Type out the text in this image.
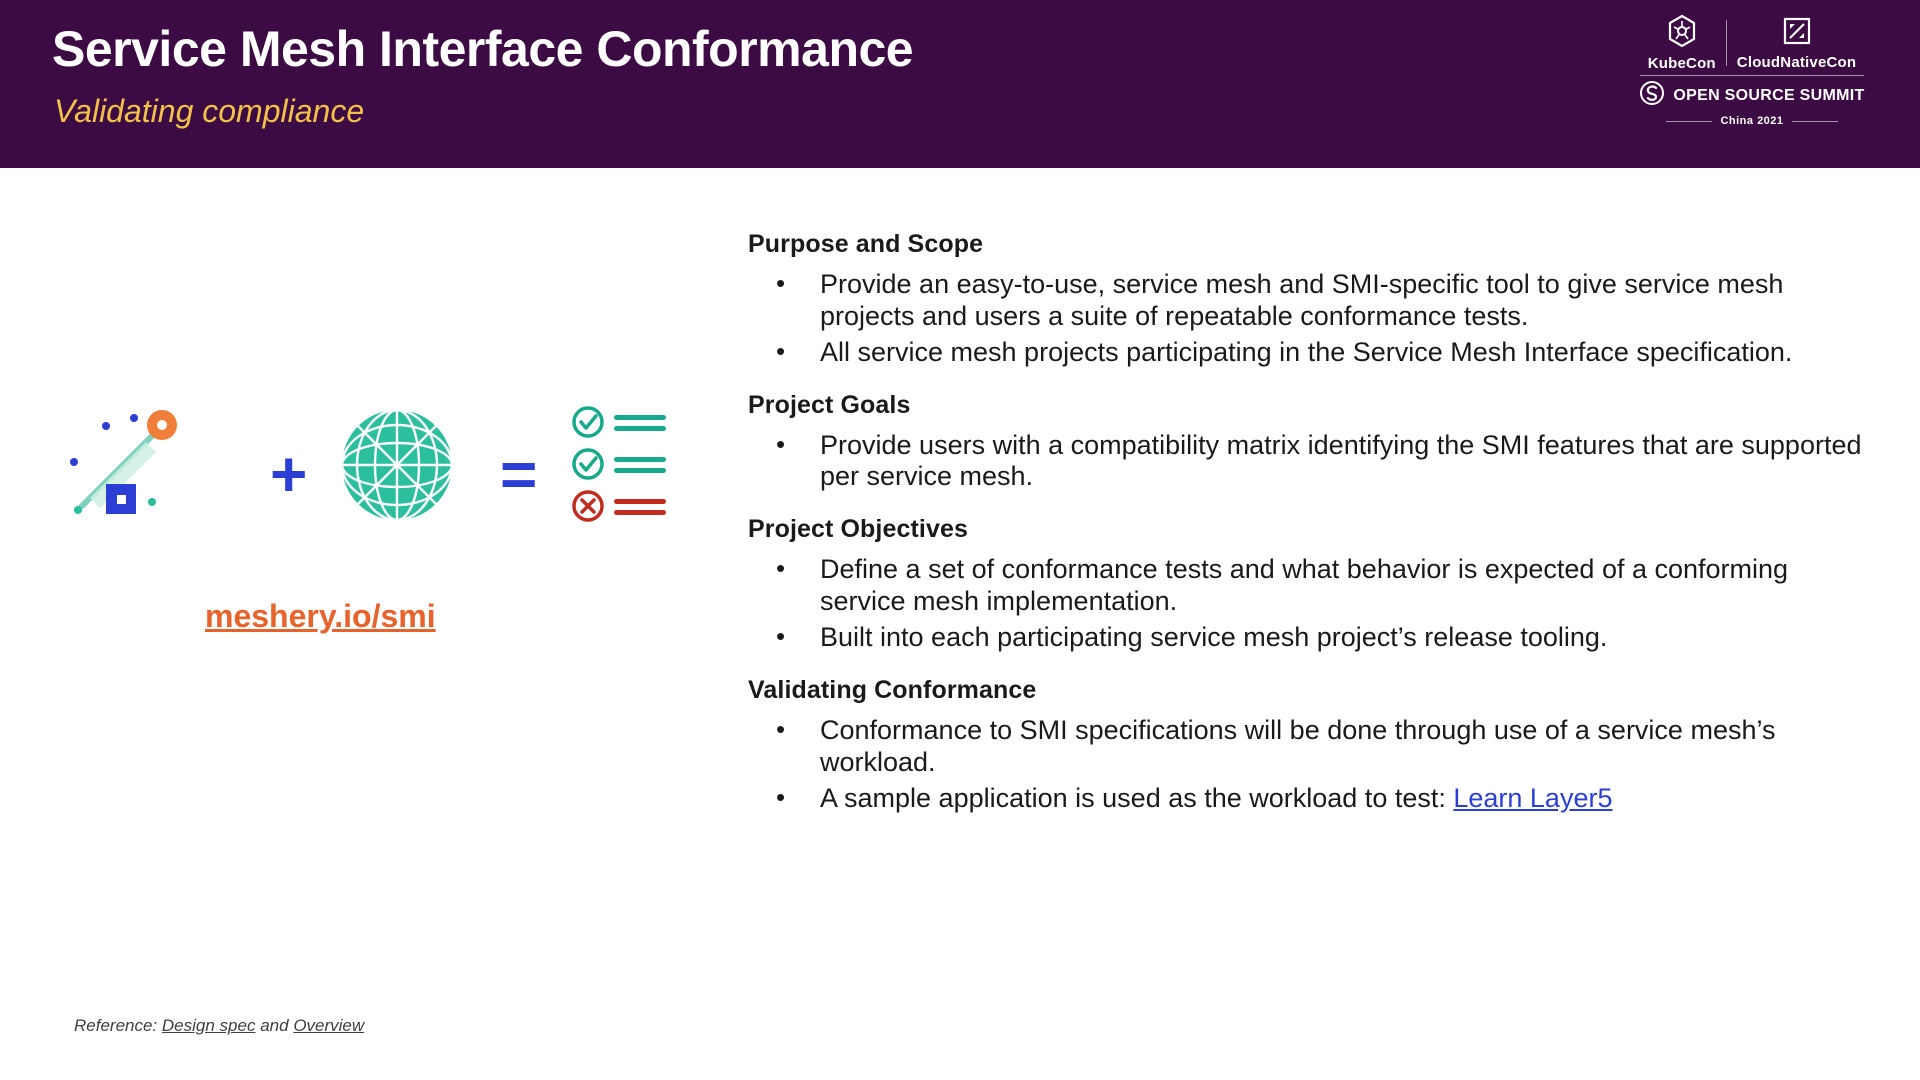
Service Mesh Interface Conformance
Validating compliance
KubeCon CloudNativeCon
OPEN SOURCE SUMMIT
China 2021
+	=
meshery.io/smi
Reference: Design spec and Overview
Purpose and Scope
• Provide an easy-to-use, service mesh and SMI-specific tool to give service mesh projects and users a suite of repeatable conformance tests.
• All service mesh projects participating in the Service Mesh Interface specification.
Project Goals
• Provide users with a compatibility matrix identifying the SMI features that are supported per service mesh.
Project Objectives
• Define a set of conformance tests and what behavior is expected of a conforming service mesh implementation.
• Built into each participating service mesh project’s release tooling.
Validating Conformance
• Conformance to SMI specifications will be done through use of a service mesh’s workload.
• A sample application is used as the workload to test: Learn Layer5
